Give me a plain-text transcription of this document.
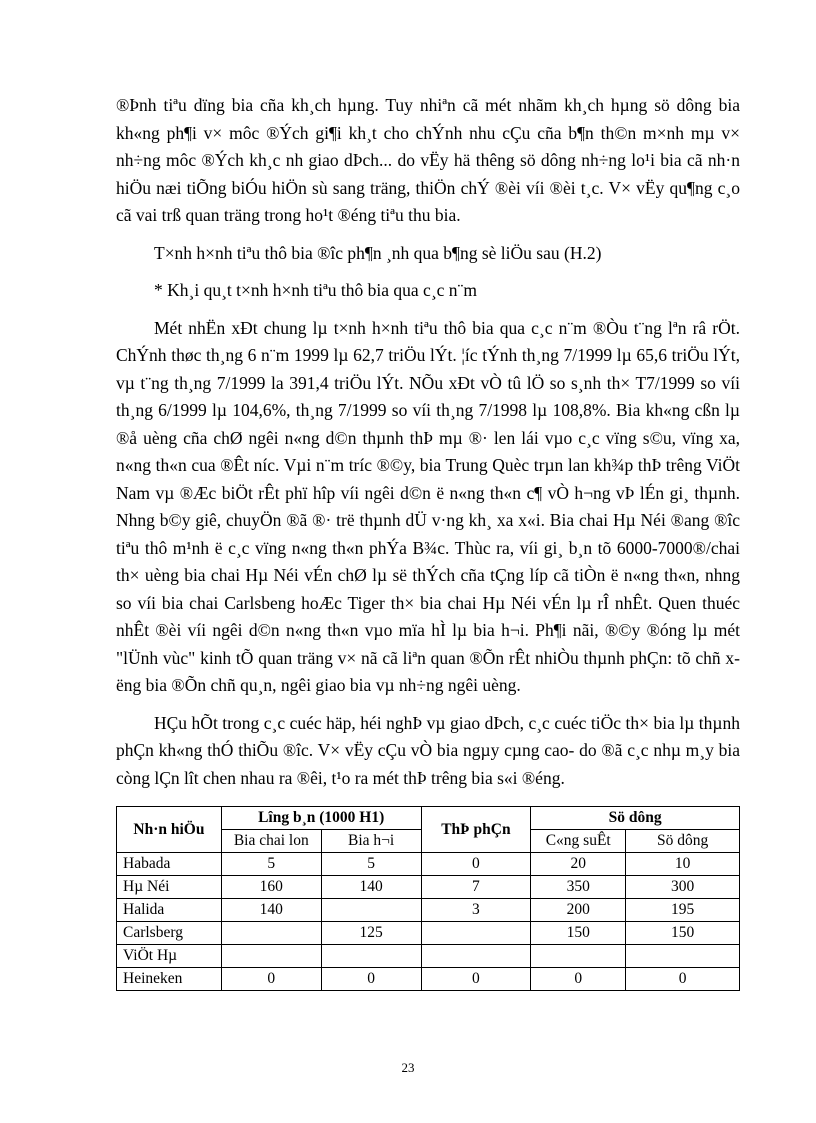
®Þnh tiªu dïng bia cña kh¸ch hµng. Tuy nhiªn cã mét nhãm kh¸ch hµng sö dông bia kh«ng ph¶i v× môc ®Ých gi¶i kh¸t cho chÝnh nhu cÇu cña b¶n th©n m×nh mµ v× nh÷ng môc ®Ých kh¸c nh giao dÞch... do vËy hä thêng sö dông nh÷ng lo¹i bia cã nh·n hiÖu næi tiÕng biÓu hiÖn sù sang träng, thiÖn chÝ ®èi víi ®èi t¸c. V× vËy qu¶ng c¸o cã vai trß quan träng trong ho¹t ®éng tiªu thu bia.

T×nh h×nh tiªu thô bia ®îc ph¶n ¸nh qua b¶ng sè liÖu sau (H.2)

* Kh¸i qu¸t t×nh h×nh tiªu thô bia qua c¸c n¨m

Mét nhËn xÐt chung lµ t×nh h×nh tiªu thô bia qua c¸c n¨m ®Òu t¨ng lªn râ rÖt. ChÝnh thøc th¸ng 6 n¨m 1999 lµ 62,7 triÖu lÝt. ¦íc tÝnh th¸ng 7/1999 lµ 65,6 triÖu lÝt, vµ t¨ng th¸ng 7/1999 la 391,4 triÖu lÝt. NÕu xÐt vÒ tû lÖ so s¸nh th× T7/1999 so víi th¸ng 6/1999 lµ 104,6%, th¸ng 7/1999 so víi th¸ng 7/1998 lµ 108,8%. Bia kh«ng cßn lµ ®å uèng cña chØ ngêi n«ng d©n thµnh thÞ mµ ®· len lái vµo c¸c vïng s©u, vïng xa, n«ng th«n cua ®Êt níc. Vµi n¨m tríc ®©y, bia Trung Quèc trµn lan kh¾p thÞ trêng ViÖt Nam vµ ®Æc biÖt rÊt phï hîp víi ngêi d©n ë n«ng th«n c¶ vÒ h¬ng vÞ lÉn gi¸ thµnh. Nhng b©y giê, chuyÖn ®ã ®· trë thµnh dÜ v·ng kh¸ xa x«i. Bia chai Hµ Néi ®ang ®îc tiªu thô m¹nh ë c¸c vïng n«ng th«n phÝa B¾c. Thùc ra, víi gi¸ b¸n tõ 6000-7000®/chai th× uèng bia chai Hµ Néi vÉn chØ lµ së thÝch cña tÇng líp cã tiÒn ë n«ng th«n, nhng so víi bia chai Carlsbeng hoÆc Tiger th× bia chai Hµ Néi vÉn lµ rÎ nhÊt. Quen thuéc nhÊt ®èi víi ngêi d©n n«ng th«n vµo mïa hÌ lµ bia h¬i. Ph¶i nãi, ®©y ®óng lµ mét "lÜnh vùc" kinh tÕ quan träng v× nã cã liªn quan ®Õn rÊt nhiÒu thµnh phÇn: tõ chñ xëng bia ®Õn chñ qu¸n, ngêi giao bia vµ nh÷ng ngêi uèng.

HÇu hÕt trong c¸c cuéc häp, héi nghÞ vµ giao dÞch, c¸c cuéc tiÖc th× bia lµ thµnh phÇn kh«ng thÓ thiÕu ®îc. V× vËy cÇu vÒ bia ngµy cµng cao- do ®ã c¸c nhµ m¸y bia còng lÇn lît chen nhau ra ®êi, t¹o ra mét thÞ trêng bia s«i ®éng.

Nh·n hiÖu	Lîng b¸n (1000 H1)		ThÞ phÇn	Sö dông	
	Bia chai lon	Bia h¬i		C«ng suÊt	Sö dông
Habada	5	5	0	20	10
Hµ Néi	160	140	7	350	300
Halida	140		3	200	195
Carlsberg		125		150	150
ViÖt Hµ					
Heineken	0	0	0	0	0
23
